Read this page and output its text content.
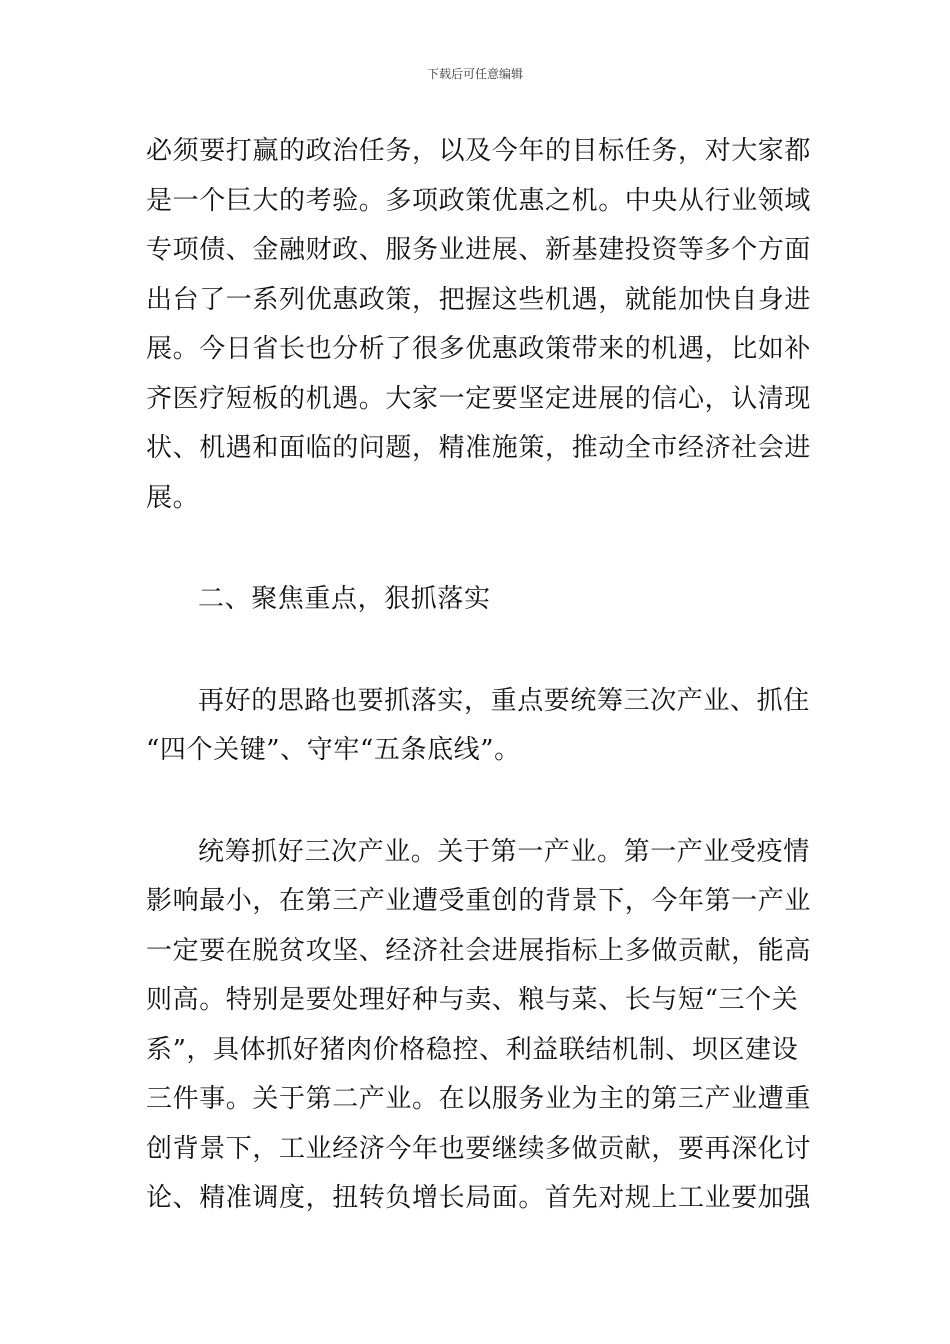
下载后可任意编辑
必须要打赢的政治任务，以及今年的目标任务，对大家都
是一个巨大的考验。多项政策优惠之机。中央从行业领域
专项债、金融财政、服务业进展、新基建投资等多个方面
出台了一系列优惠政策，把握这些机遇，就能加快自身进
展。今日省长也分析了很多优惠政策带来的机遇，比如补
齐医疗短板的机遇。大家一定要坚定进展的信心，认清现
状、机遇和面临的问题，精准施策，推动全市经济社会进
展。
二、聚焦重点，狠抓落实
再好的思路也要抓落实，重点要统筹三次产业、抓住
“四个关键”、守牢“五条底线”。
统筹抓好三次产业。关于第一产业。第一产业受疫情
影响最小，在第三产业遭受重创的背景下，今年第一产业
一定要在脱贫攻坚、经济社会进展指标上多做贡献，能高
则高。特别是要处理好种与卖、粮与菜、长与短“三个关
系”，具体抓好猪肉价格稳控、利益联结机制、坝区建设
三件事。关于第二产业。在以服务业为主的第三产业遭重
创背景下，工业经济今年也要继续多做贡献，要再深化讨
论、精准调度，扭转负增长局面。首先对规上工业要加强
